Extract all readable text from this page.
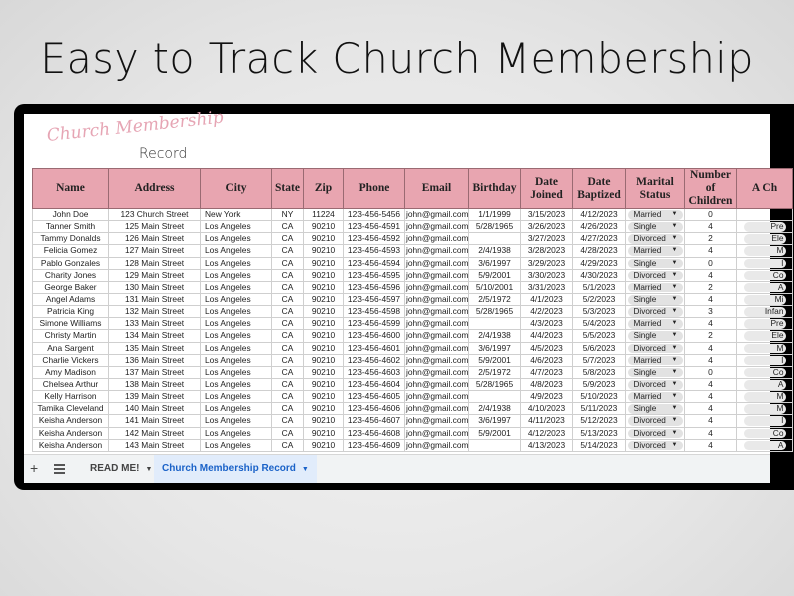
Easy to Track Church Membership
Church Membership
Record
Name	Address	City	State	Zip	Phone	Email	Birthday	Date Joined	Date Baptized	Marital Status	Number of Children	A Ch
John Doe	123 Church Street	New York	NY	11224	123-456-5456	john@gmail.com	1/1/1999	3/15/2023	4/12/2023	Married ▼	0	
Tanner Smith	125 Main Street	Los Angeles	CA	90210	123-456-4591	john@gmail.com	5/28/1965	3/26/2023	4/26/2023	Single ▼	4	Pre
Tammy Donalds	126 Main Street	Los Angeles	CA	90210	123-456-4592	john@gmail.com		3/27/2023	4/27/2023	Divorced ▼	2	Ele
Felicia Gomez	127 Main Street	Los Angeles	CA	90210	123-456-4593	john@gmail.com	2/4/1938	3/28/2023	4/28/2023	Married ▼	4	M
Pablo Gonzales	128 Main Street	Los Angeles	CA	90210	123-456-4594	john@gmail.com	3/6/1997	3/29/2023	4/29/2023	Single ▼	0	I
Charity Jones	129 Main Street	Los Angeles	CA	90210	123-456-4595	john@gmail.com	5/9/2001	3/30/2023	4/30/2023	Divorced ▼	4	Co
George Baker	130 Main Street	Los Angeles	CA	90210	123-456-4596	john@gmail.com	5/10/2001	3/31/2023	5/1/2023	Married ▼	2	A
Angel Adams	131 Main Street	Los Angeles	CA	90210	123-456-4597	john@gmail.com	2/5/1972	4/1/2023	5/2/2023	Single ▼	4	Mi
Patricia King	132 Main Street	Los Angeles	CA	90210	123-456-4598	john@gmail.com	5/28/1965	4/2/2023	5/3/2023	Divorced ▼	3	Infan
Simone Williams	133 Main Street	Los Angeles	CA	90210	123-456-4599	john@gmail.com		4/3/2023	5/4/2023	Married ▼	4	Pre
Christy Martin	134 Main Street	Los Angeles	CA	90210	123-456-4600	john@gmail.com	2/4/1938	4/4/2023	5/5/2023	Single ▼	2	Ele
Ana Sargent	135 Main Street	Los Angeles	CA	90210	123-456-4601	john@gmail.com	3/6/1997	4/5/2023	5/6/2023	Divorced ▼	4	M
Charlie Vickers	136 Main Street	Los Angeles	CA	90210	123-456-4602	john@gmail.com	5/9/2001	4/6/2023	5/7/2023	Married ▼	4	I
Amy Madison	137 Main Street	Los Angeles	CA	90210	123-456-4603	john@gmail.com	2/5/1972	4/7/2023	5/8/2023	Single ▼	0	Co
Chelsea Arthur	138 Main Street	Los Angeles	CA	90210	123-456-4604	john@gmail.com	5/28/1965	4/8/2023	5/9/2023	Divorced ▼	4	A
Kelly Harrison	139 Main Street	Los Angeles	CA	90210	123-456-4605	john@gmail.com		4/9/2023	5/10/2023	Married ▼	4	M
Tamika Cleveland	140 Main Street	Los Angeles	CA	90210	123-456-4606	john@gmail.com	2/4/1938	4/10/2023	5/11/2023	Single ▼	4	M
Keisha Anderson	141 Main Street	Los Angeles	CA	90210	123-456-4607	john@gmail.com	3/6/1997	4/11/2023	5/12/2023	Divorced ▼	4	I
Keisha Anderson	142 Main Street	Los Angeles	CA	90210	123-456-4608	john@gmail.com	5/9/2001	4/12/2023	5/13/2023	Divorced ▼	4	Co
Keisha Anderson	143 Main Street	Los Angeles	CA	90210	123-456-4609	john@gmail.com		4/13/2023	5/14/2023	Divorced ▼	4	A
+	READ ME! ▼ Church Membership Record ▼
